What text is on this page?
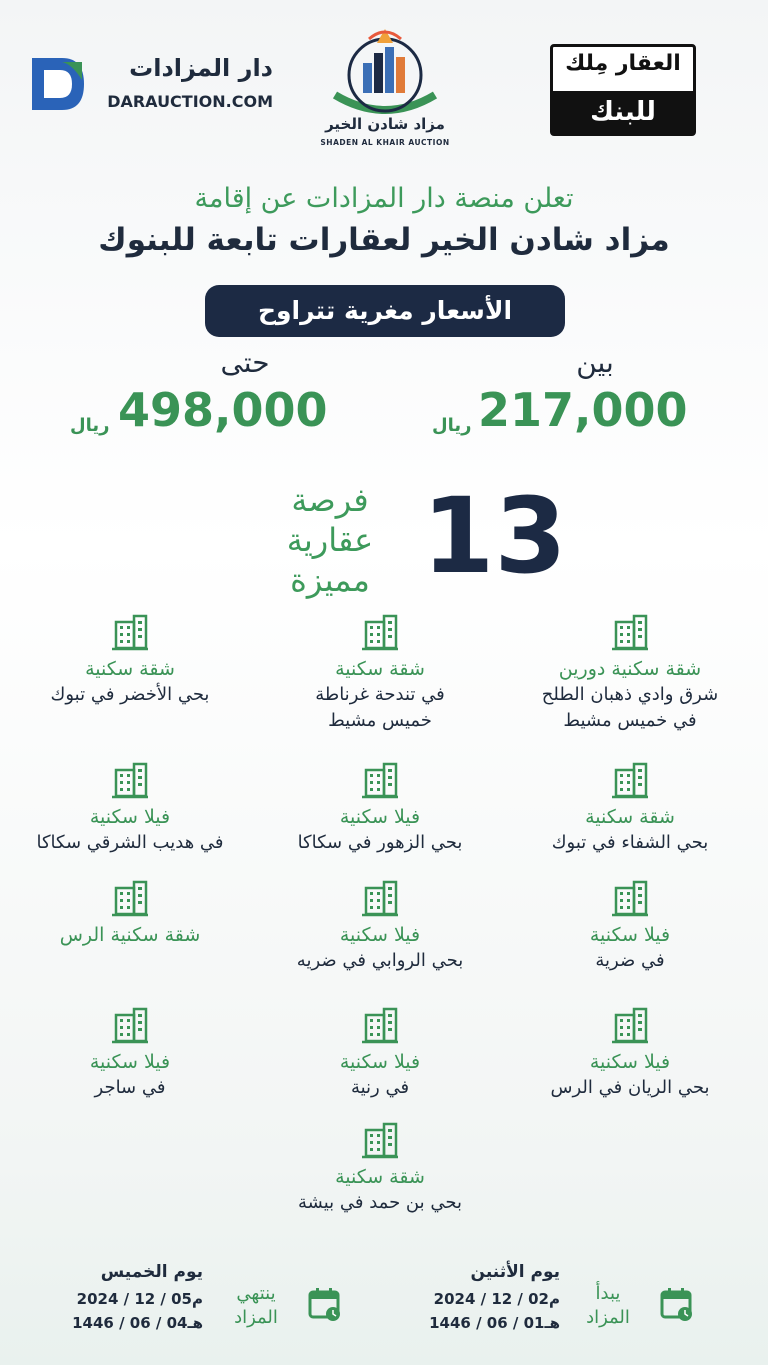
العقار مِلك
للبنك
مزاد شادن الخير
SHADEN AL KHAIR AUCTION
دار المزادات
DARAUCTION.COM
تعلن منصة دار المزادات عن إقامة
مزاد شادن الخير لعقارات تابعة للبنوك
الأسعار مغرية تتراوح
بين
217,000
ريال
حتى
498,000
ريال
13
فرصة
عقارية
مميزة
شقة سكنية دورين
شرق وادي ذهبان الطلح
في خميس مشيط
شقة سكنية
في تندحة غرناطة
خميس مشيط
شقة سكنية
بحي الأخضر في تبوك
شقة سكنية
بحي الشفاء في تبوك
فيلا سكنية
بحي الزهور في سكاكا
فيلا سكنية
في هديب الشرقي سكاكا
فيلا سكنية
في ضرية
فيلا سكنية
بحي الروابي في ضريه
شقة سكنية الرس
فيلا سكنية
بحي الريان في الرس
فيلا سكنية
في رنية
فيلا سكنية
في ساجر
شقة سكنية
بحي بن حمد في بيشة
يبدأ
المزاد
يوم الأثنين
2024 / 12 / 02م
1446 / 06 / 01هـ
ينتهي
المزاد
يوم الخميس
2024 / 12 / 05م
1446 / 06 / 04هـ
